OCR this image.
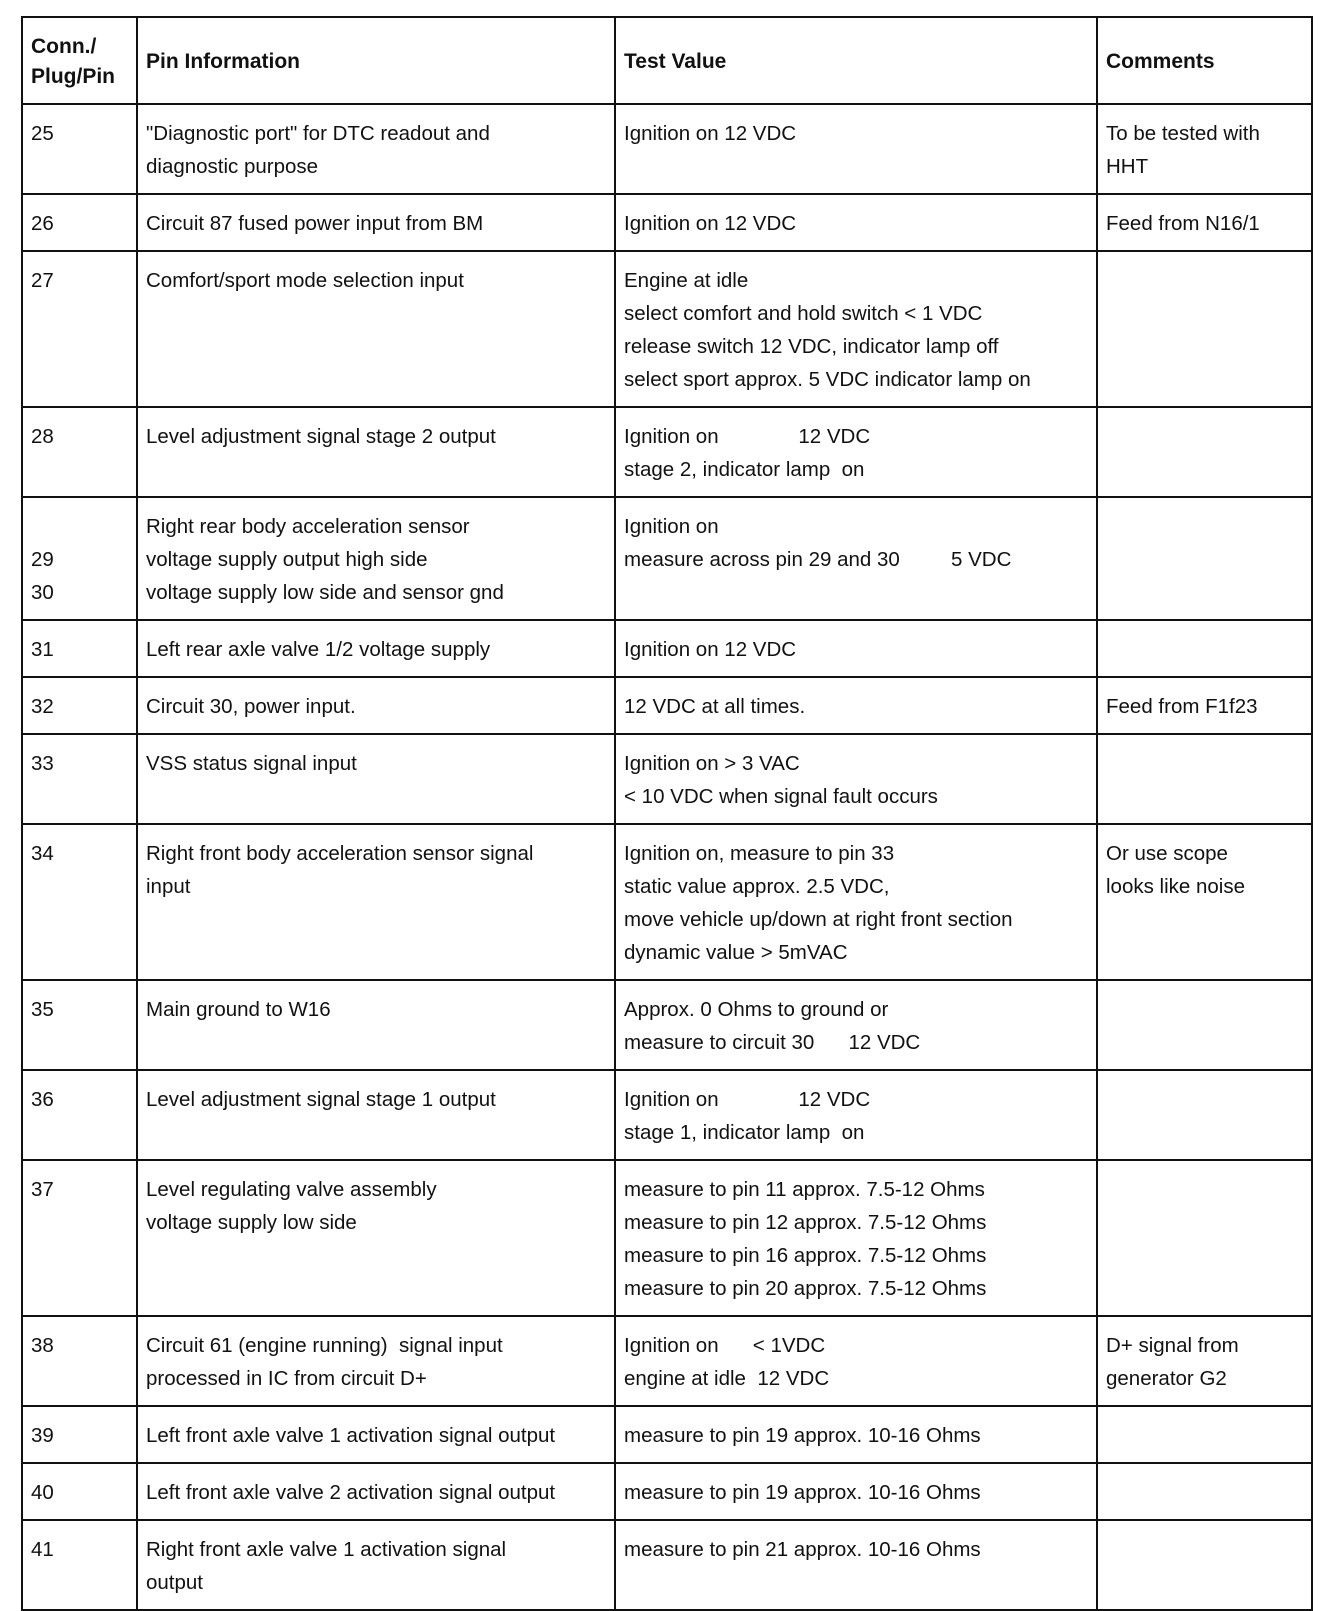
Conn./
Plug/Pin	Pin Information	Test Value	Comments

25	"Diagnostic port" for DTC readout and
diagnostic purpose	Ignition on 12 VDC	To be tested with
HHT

26	Circuit 87 fused power input from BM	Ignition on 12 VDC	Feed from N16/1

27	Comfort/sport mode selection input	Engine at idle
select comfort and hold switch < 1 VDC
release switch 12 VDC, indicator lamp off
select sport approx. 5 VDC indicator lamp on	

28	Level adjustment signal stage 2 output	Ignition on              12 VDC
stage 2, indicator lamp  on	

29
30	Right rear body acceleration sensor
voltage supply output high side
voltage supply low side and sensor gnd	Ignition on
measure across pin 29 and 30         5 VDC	

31	Left rear axle valve 1/2 voltage supply	Ignition on 12 VDC	

32	Circuit 30, power input.	12 VDC at all times.	Feed from F1f23

33	VSS status signal input	Ignition on > 3 VAC
< 10 VDC when signal fault occurs	

34	Right front body acceleration sensor signal
input	Ignition on, measure to pin 33
static value approx. 2.5 VDC,
move vehicle up/down at right front section
dynamic value > 5mVAC	Or use scope
looks like noise

35	Main ground to W16	Approx. 0 Ohms to ground or
measure to circuit 30      12 VDC	

36	Level adjustment signal stage 1 output	Ignition on              12 VDC
stage 1, indicator lamp  on	

37	Level regulating valve assembly
voltage supply low side	measure to pin 11 approx. 7.5-12 Ohms
measure to pin 12 approx. 7.5-12 Ohms
measure to pin 16 approx. 7.5-12 Ohms
measure to pin 20 approx. 7.5-12 Ohms	

38	Circuit 61 (engine running)  signal input
processed in IC from circuit D+	Ignition on      < 1VDC
engine at idle  12 VDC	D+ signal from
generator G2

39	Left front axle valve 1 activation signal output	measure to pin 19 approx. 10-16 Ohms	

40	Left front axle valve 2 activation signal output	measure to pin 19 approx. 10-16 Ohms	

41	Right front axle valve 1 activation signal
output	measure to pin 21 approx. 10-16 Ohms	
